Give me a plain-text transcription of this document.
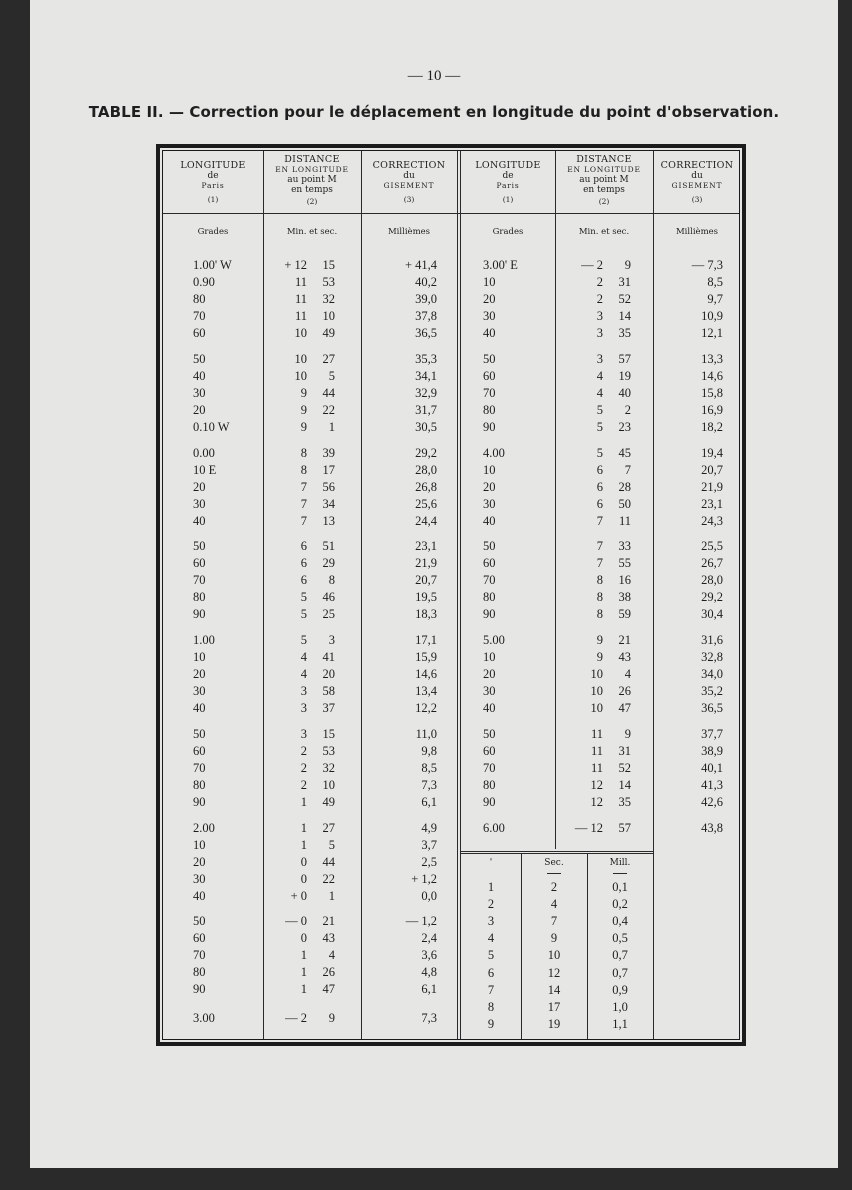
— 10 —
TABLE II. — Correction pour le déplacement en longitude du point d'observation.
LONGITUDE
de
Paris
(1)
DISTANCE
EN LONGITUDE
au point M
en temps
(2)
CORRECTION
du
GISEMENT
(3)
LONGITUDE
de
Paris
(1)
DISTANCE
EN LONGITUDE
au point M
en temps
(2)
CORRECTION
du
GISEMENT
(3)
Grades	Min. et sec.	Millièmes	Grades	Min. et sec.	Millièmes
1.00' W	+ 12	15	+ 41,4
0.90	11	53	40,2
80	11	32	39,0
70	11	10	37,8
60	10	49	36,5
50	10	27	35,3
40	10	5	34,1
30	9	44	32,9
20	9	22	31,7
0.10 W	9	1	30,5
0.00	8	39	29,2
10 E	8	17	28,0
20	7	56	26,8
30	7	34	25,6
40	7	13	24,4
50	6	51	23,1
60	6	29	21,9
70	6	8	20,7
80	5	46	19,5
90	5	25	18,3
1.00	5	3	17,1
10	4	41	15,9
20	4	20	14,6
30	3	58	13,4
40	3	37	12,2
50	3	15	11,0
60	2	53	9,8
70	2	32	8,5
80	2	10	7,3
90	1	49	6,1
2.00	1	27	4,9
10	1	5	3,7
20	0	44	2,5
30	0	22	+ 1,2
40	+ 0	1	0,0
50	— 0	21	— 1,2
60	0	43	2,4
70	1	4	3,6
80	1	26	4,8
90	1	47	6,1
3.00	— 2	9	7,3
3.00' E	— 2	9	— 7,3
10	2	31	8,5
20	2	52	9,7
30	3	14	10,9
40	3	35	12,1
50	3	57	13,3
60	4	19	14,6
70	4	40	15,8
80	5	2	16,9
90	5	23	18,2
4.00	5	45	19,4
10	6	7	20,7
20	6	28	21,9
30	6	50	23,1
40	7	11	24,3
50	7	33	25,5
60	7	55	26,7
70	8	16	28,0
80	8	38	29,2
90	8	59	30,4
5.00	9	21	31,6
10	9	43	32,8
20	10	4	34,0
30	10	26	35,2
40	10	47	36,5
50	11	9	37,7
60	11	31	38,9
70	11	52	40,1
80	12	14	41,3
90	12	35	42,6
6.00	— 12	57	43,8
'	Sec.	Mill.
1	2	0,1
2	4	0,2
3	7	0,4
4	9	0,5
5	10	0,7
6	12	0,7
7	14	0,9
8	17	1,0
9	19	1,1
